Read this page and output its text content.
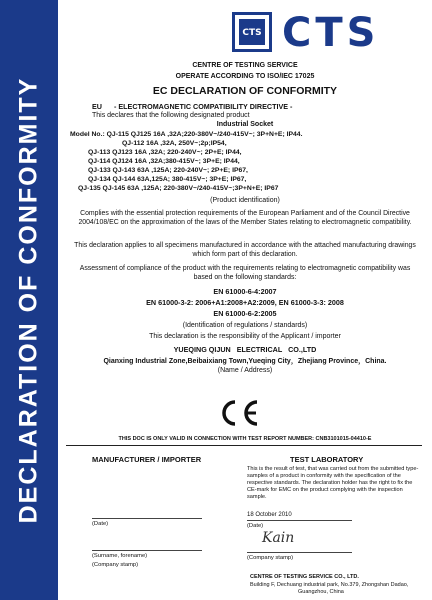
DECLARATION OF CONFORMITY
CTS CTS
CENTRE OF TESTING SERVICE
OPERATE ACCORDING TO ISO/IEC 17025
EC DECLARATION OF CONFORMITY
EU      - ELECTROMAGNETIC COMPATIBILITY DIRECTIVE -
This declares that the following designated product
Industrial Socket
Model No.: QJ-115 QJ125 16A ,32A;220-380V~/240-415V~; 3P+N+E; IP44.
QJ-112 16A ,32A, 250V~;2p;IP54,
QJ-113 QJ123 16A ,32A; 220-240V~; 2P+E; IP44,
QJ-114 QJ124 16A ,32A;380-415V~; 3P+E; IP44,
QJ-133 QJ-143 63A ,125A; 220-240V~; 2P+E; IP67,
QJ-134 QJ-144 63A,125A; 380-415V~; 3P+E; IP67,
QJ-135 QJ-145 63A ,125A; 220-380V~/240-415V~;3P+N+E; IP67
(Product identification)
Complies with the essential protection requirements of the European Parliament and of the Council Directive 2004/108/EC on the approximation of the laws of the Member States relating to electromagnetic compatibility.
This declaration applies to all specimens manufactured in accordance with the attached manufacturing drawings which form part of this declaration.
Assessment of compliance of the product with the requirements relating to electromagnetic compatibility was based on the following standards:
EN 61000-6-4:2007
EN 61000-3-2: 2006+A1:2008+A2:2009, EN 61000-3-3: 2008
EN 61000-6-2:2005
(Identification of regulations / standards)
This declaration is the responsibility of the Applicant / importer
YUEQING QIJUN   ELECTRICAL   CO.,LTD
Qianxing Industrial Zone,Beibaixiang Town,Yueqing City，Zhejiang Province，China.
(Name / Address)
THIS DOC IS ONLY VALID IN CONNECTION WITH TEST REPORT NUMBER: CNB3101015-04410-E
MANUFACTURER / IMPORTER
(Date)
(Surname, forename)
(Company stamp)
TEST LABORATORY
This is the result of test, that was carried out from the submitted type-samples of a product in conformity with the specification of the respective standards. The declaration holder has the right to fix the CE-mark for EMC on the product complying with the inspection sample.
18 October 2010
(Date)
Kain
(Company stamp)
CENTRE OF TESTING SERVICE CO., LTD.
Building F, Dechuang industrial park, No.379, Zhongshan Dadao,
Guangzhou, China
